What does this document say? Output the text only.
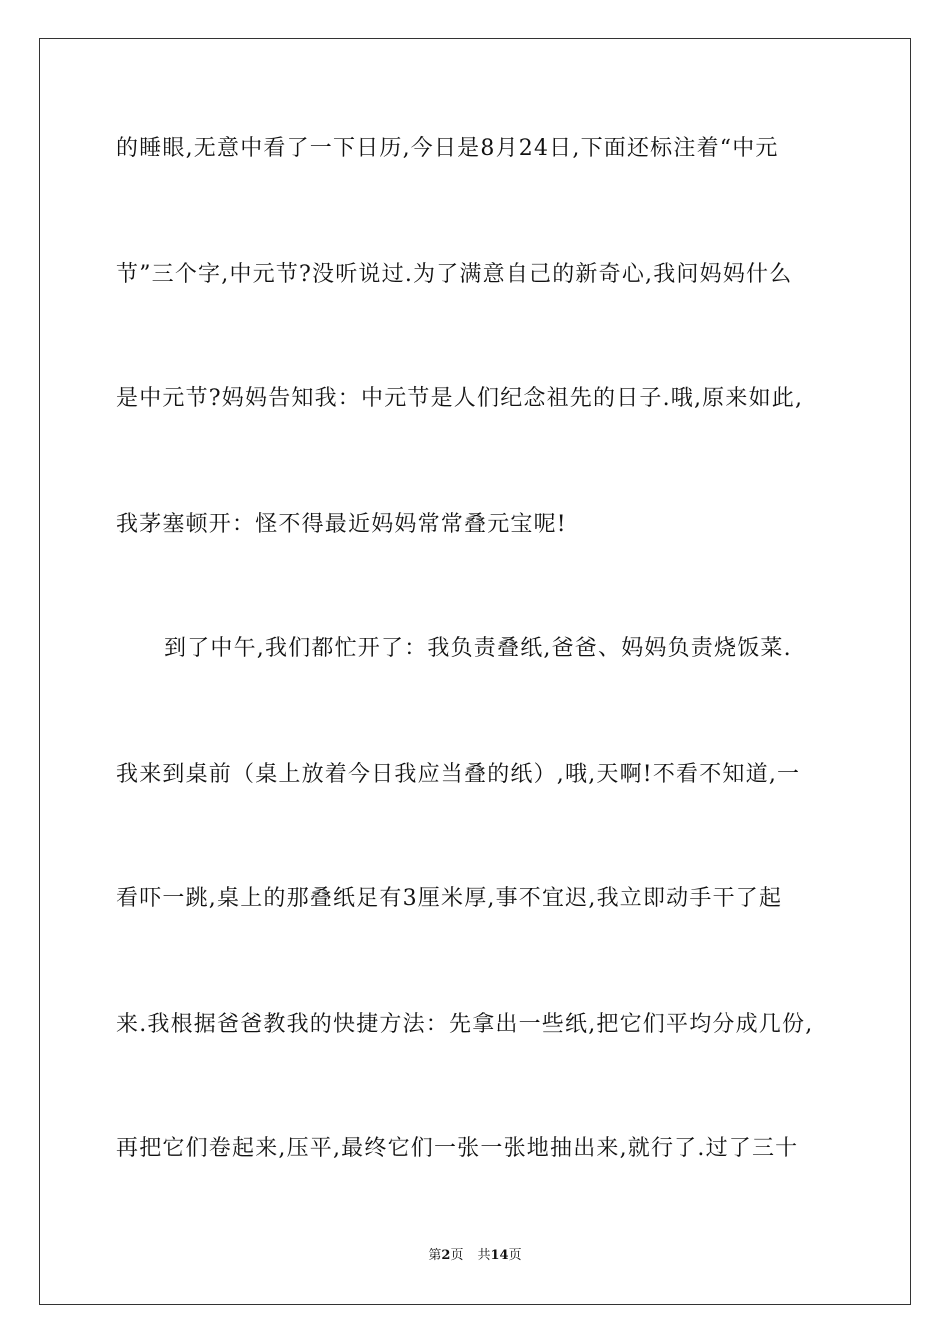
的睡眼,无意中看了一下日历,今日是8月24日,下面还标注着“中元
节”三个字,中元节?没听说过.为了满意自己的新奇心,我问妈妈什么
是中元节?妈妈告知我：中元节是人们纪念祖先的日子.哦,原来如此,
我茅塞顿开：怪不得最近妈妈常常叠元宝呢!
到了中午,我们都忙开了：我负责叠纸,爸爸、妈妈负责烧饭菜.
我来到桌前（桌上放着今日我应当叠的纸）,哦,天啊!不看不知道,一
看吓一跳,桌上的那叠纸足有3厘米厚,事不宜迟,我立即动手干了起
来.我根据爸爸教我的快捷方法：先拿出一些纸,把它们平均分成几份,
再把它们卷起来,压平,最终它们一张一张地抽出来,就行了.过了三十
第2页 共14页
